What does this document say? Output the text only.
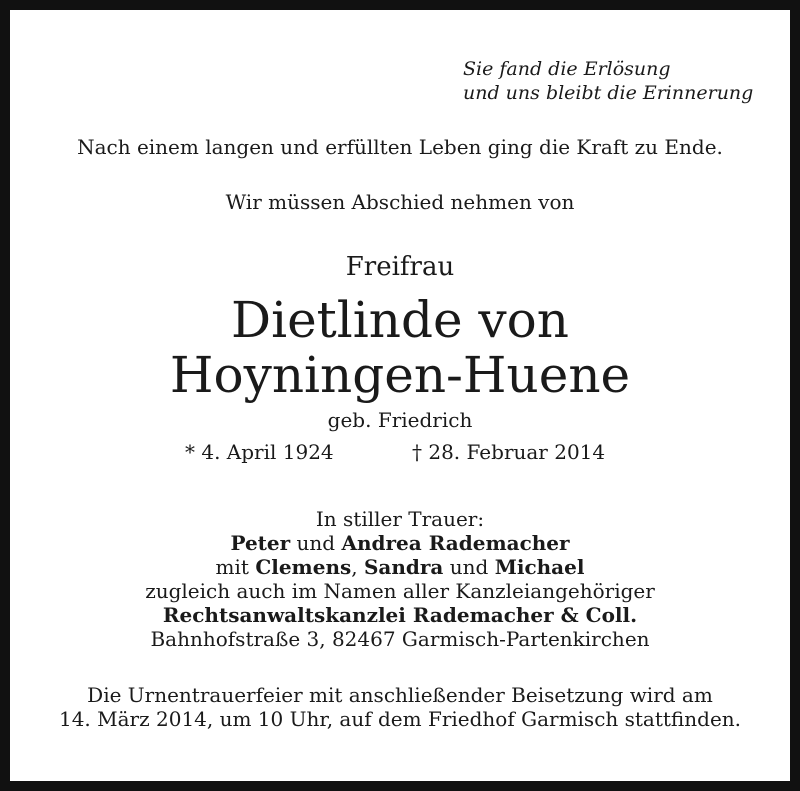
Sie fand die Erlösung
und uns bleibt die Erinnerung
Nach einem langen und erfüllten Leben ging die Kraft zu Ende.
Wir müssen Abschied nehmen von
Freifrau
Dietlinde von
Hoyningen-Huene
geb. Friedrich
* 4. April 1924	† 28. Februar 2014
In stiller Trauer:
Peter und Andrea Rademacher
mit Clemens, Sandra und Michael
zugleich auch im Namen aller Kanzleiangehöriger
Rechtsanwaltskanzlei Rademacher & Coll.
Bahnhofstraße 3, 82467 Garmisch-Partenkirchen
Die Urnentrauerfeier mit anschließender Beisetzung wird am
14. März 2014, um 10 Uhr, auf dem Friedhof Garmisch stattfinden.
